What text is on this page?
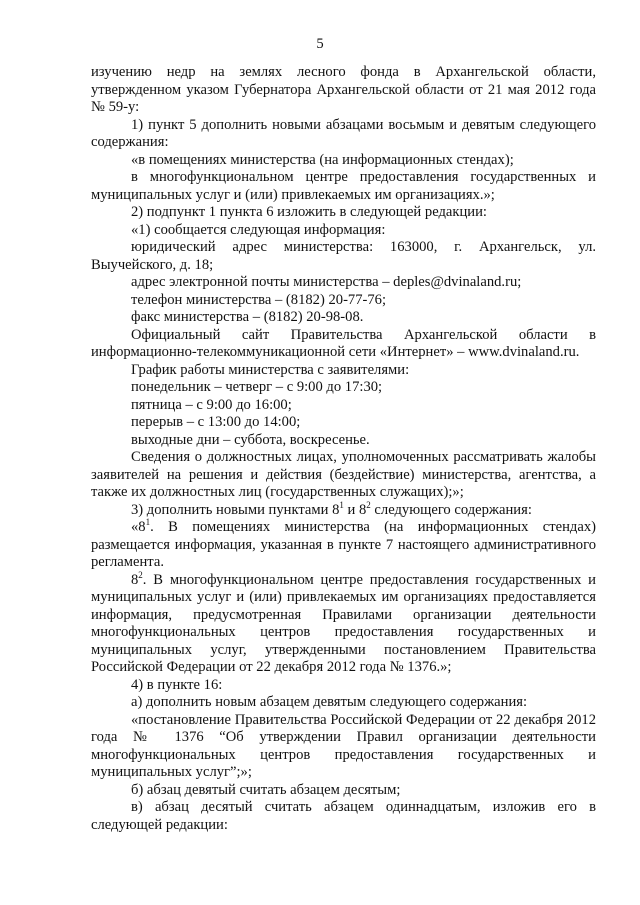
5

изучению недр на землях лесного фонда в Архангельской области, утвержденном указом Губернатора Архангельской области от 21 мая 2012 года № 59-у:

1) пункт 5 дополнить новыми абзацами восьмым и девятым следующего содержания:

«в помещениях министерства (на информационных стендах);

в многофункциональном центре предоставления государственных и муниципальных услуг и (или) привлекаемых им организациях.»;

2) подпункт 1 пункта 6 изложить в следующей редакции:

«1) сообщается следующая информация:

юридический адрес министерства: 163000, г. Архангельск, ул. Выучейского, д. 18;

адрес электронной почты министерства – deples@dvinaland.ru;

телефон министерства – (8182) 20-77-76;

факс министерства – (8182) 20-98-08.

Официальный сайт Правительства Архангельской области в информационно-телекоммуникационной сети «Интернет» – www.dvinaland.ru.

График работы министерства с заявителями:

понедельник – четверг – с 9:00 до 17:30;

пятница – с 9:00 до 16:00;

перерыв – с 13:00 до 14:00;

выходные дни – суббота, воскресенье.

Сведения о должностных лицах, уполномоченных рассматривать жалобы заявителей на решения и действия (бездействие) министерства, агентства, а также их должностных лиц (государственных служащих);»;

3) дополнить новыми пунктами $8^1$ и $8^2$ следующего содержания:

«$8^1$. В помещениях министерства (на информационных стендах) размещается информация, указанная в пункте 7 настоящего административного регламента.

$8^2$. В многофункциональном центре предоставления государственных и муниципальных услуг и (или) привлекаемых им организациях предоставляется информация, предусмотренная Правилами организации деятельности многофункциональных центров предоставления государственных и муниципальных услуг, утвержденными постановлением Правительства Российской Федерации от 22 декабря 2012 года № 1376.»;

4) в пункте 16:

а) дополнить новым абзацем девятым следующего содержания:

«постановление Правительства Российской Федерации от 22 декабря 2012 года № 1376 “Об утверждении Правил организации деятельности многофункциональных центров предоставления государственных и муниципальных услуг”;»;

б) абзац девятый считать абзацем десятым;

в) абзац десятый считать абзацем одиннадцатым, изложив его в следующей редакции:
